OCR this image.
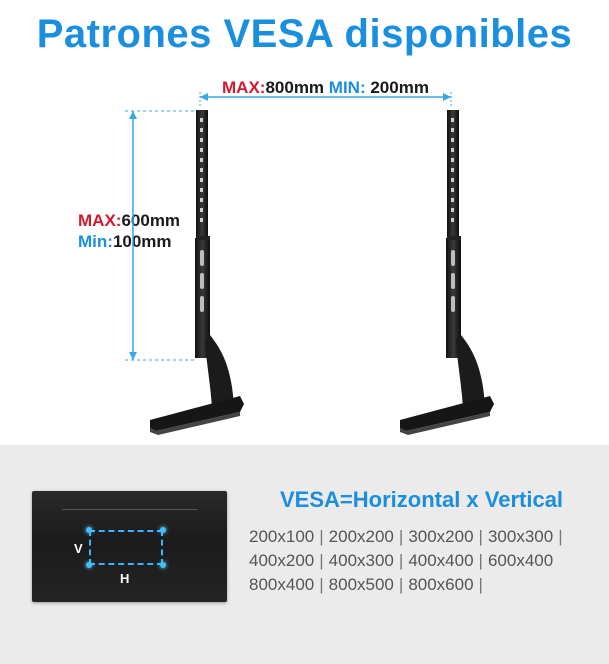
Patrones VESA disponibles
MAX:800mm MIN: 200mm
MAX:600mm
Min:100mm
V
H
VESA=Horizontal x Vertical
200x100 | 200x200 | 300x200 | 300x300 |
400x200 | 400x300 | 400x400 | 600x400
800x400 | 800x500 | 800x600 |
